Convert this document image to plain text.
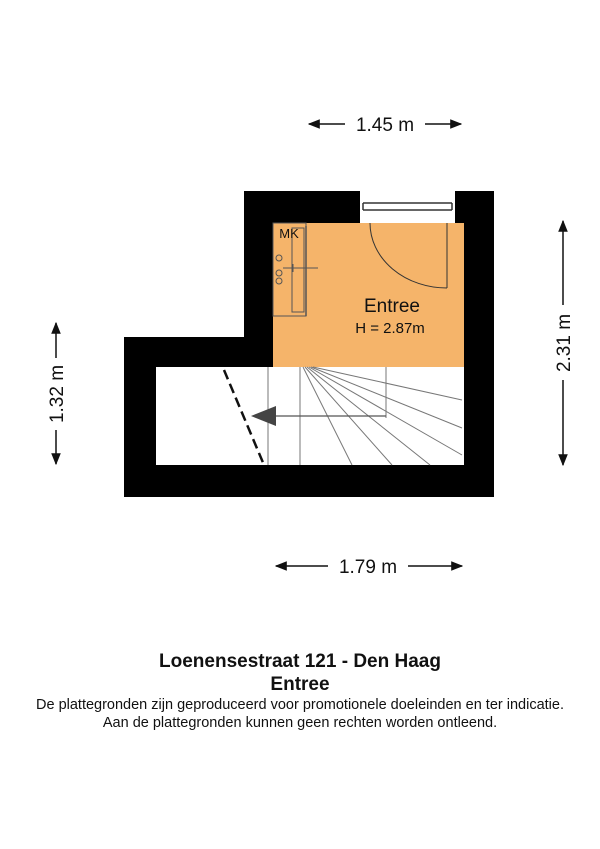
MK
Entree
H = 2.87m
1.45 m
1.79 m
1.32 m
2.31 m
Loenensestraat 121 - Den Haag
Entree
De plattegronden zijn geproduceerd voor promotionele doeleinden en ter indicatie.
Aan de plattegronden kunnen geen rechten worden ontleend.
